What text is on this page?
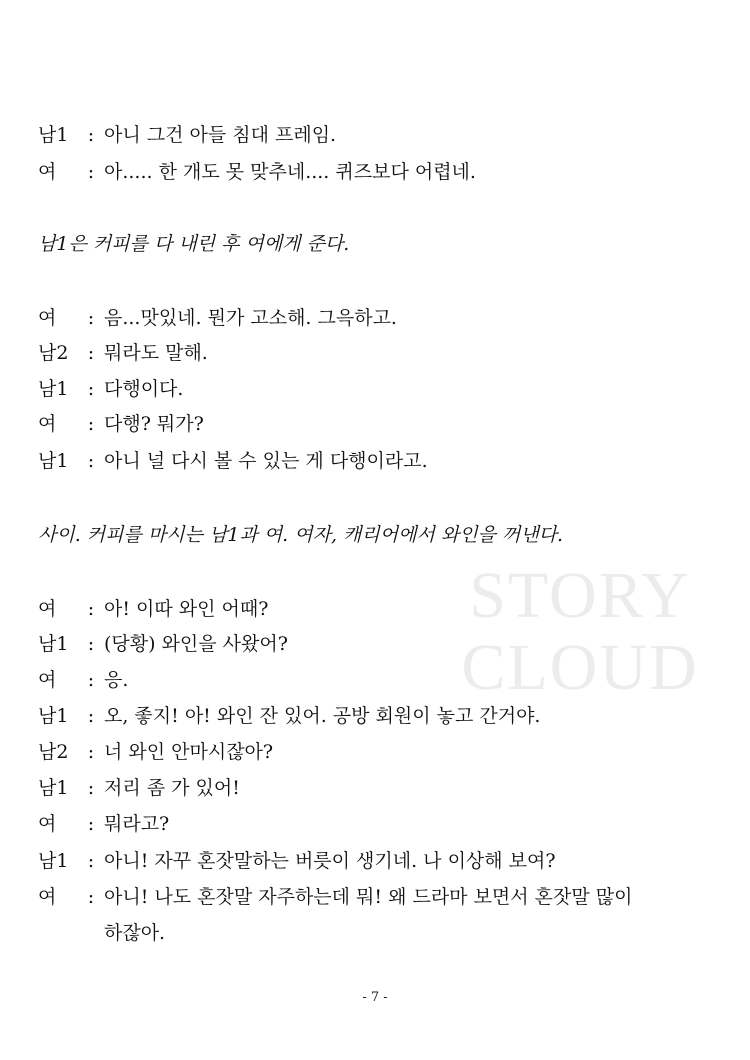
STORY
CLOUD
남1 : 아니 그건 아들 침대 프레임.
여 : 아..... 한 개도 못 맞추네.... 퀴즈보다 어렵네.
남1은 커피를 다 내린 후 여에게 준다.
여 : 음...맛있네. 뭔가 고소해. 그윽하고.
남2 : 뭐라도 말해.
남1 : 다행이다.
여 : 다행? 뭐가?
남1 : 아니 널 다시 볼 수 있는 게 다행이라고.
사이. 커피를 마시는 남1과 여. 여자, 캐리어에서 와인을 꺼낸다.
여 : 아! 이따 와인 어때?
남1 : (당황) 와인을 사왔어?
여 : 응.
남1 : 오, 좋지! 아! 와인 잔 있어. 공방 회원이 놓고 간거야.
남2 : 너 와인 안마시잖아?
남1 : 저리 좀 가 있어!
여 : 뭐라고?
남1 : 아니! 자꾸 혼잣말하는 버릇이 생기네. 나 이상해 보여?
여 : 아니! 나도 혼잣말 자주하는데 뭐! 왜 드라마 보면서 혼잣말 많이
하잖아.
- 7 -
